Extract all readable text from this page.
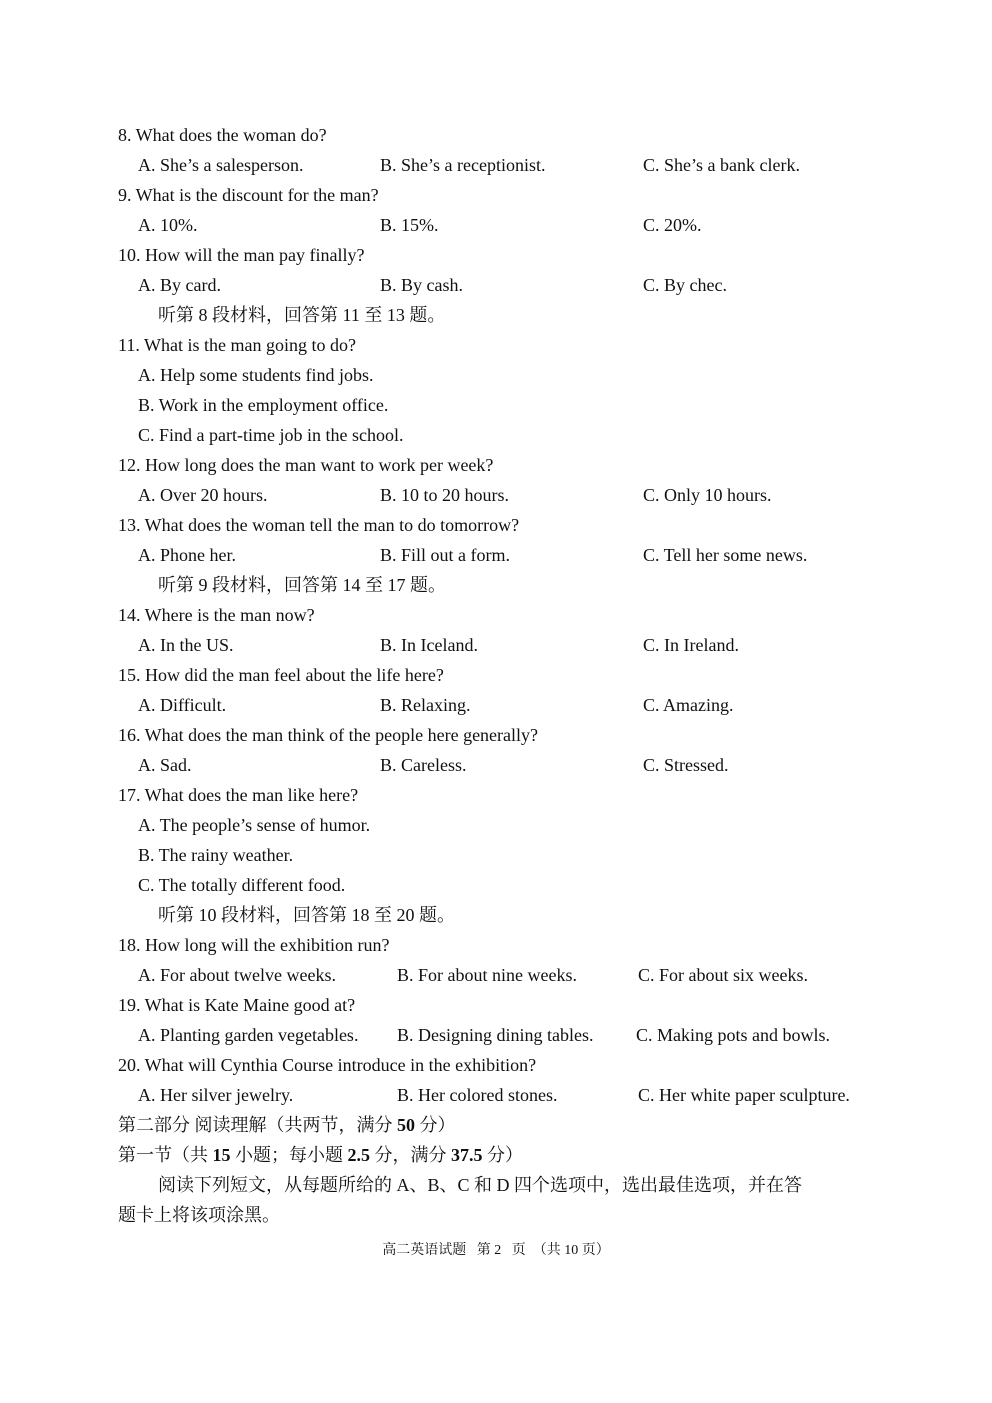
8. What does the woman do?
A. She’s a salesperson.	B. She’s a receptionist.	C. She’s a bank clerk.
9. What is the discount for the man?
A. 10%.	B. 15%.	C. 20%.
10. How will the man pay finally?
A. By card.	B. By cash.	C. By chec.
听第 8 段材料，回答第 11 至 13 题。
11. What is the man going to do?
A. Help some students find jobs.
B. Work in the employment office.
C. Find a part-time job in the school.
12. How long does the man want to work per week?
A. Over 20 hours.	B. 10 to 20 hours.	C. Only 10 hours.
13. What does the woman tell the man to do tomorrow?
A. Phone her.	B. Fill out a form.	C. Tell her some news.
听第 9 段材料，回答第 14 至 17 题。
14. Where is the man now?
A. In the US.	B. In Iceland.	C. In Ireland.
15. How did the man feel about the life here?
A. Difficult.	B. Relaxing.	C. Amazing.
16. What does the man think of the people here generally?
A. Sad.	B. Careless.	C. Stressed.
17. What does the man like here?
A. The people’s sense of humor.
B. The rainy weather.
C. The totally different food.
听第 10 段材料，回答第 18 至 20 题。
18. How long will the exhibition run?
A. For about twelve weeks.	B. For about nine weeks.	C. For about six weeks.
19. What is Kate Maine good at?
A. Planting garden vegetables. B. Designing dining tables. C. Making pots and bowls.
20. What will Cynthia Course introduce in the exhibition?
A. Her silver jewelry.	B. Her colored stones.	C. Her white paper sculpture.
第二部分 阅读理解（共两节，满分 50 分）
第一节（共 15 小题；每小题 2.5 分，满分 37.5 分）
阅读下列短文，从每题所给的 A、B、C 和 D 四个选项中，选出最佳选项，并在答
题卡上将该项涂黑。
高二英语试题   第 2   页  （共 10 页）
